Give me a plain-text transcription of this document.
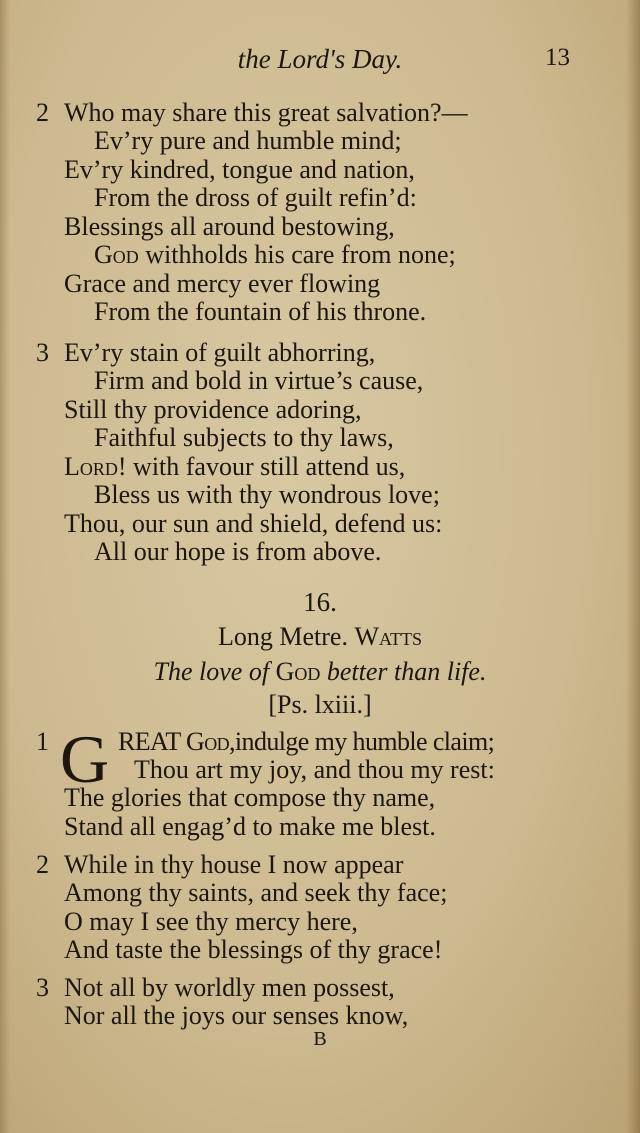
the Lord's Day.	13
2 Who may share this great salvation?—
Ev’ry pure and humble mind;
Ev’ry kindred, tongue and nation,
From the dross of guilt refin’d:
Blessings all around bestowing,
God withholds his care from none;
Grace and mercy ever flowing
From the fountain of his throne.
3 Ev’ry stain of guilt abhorring,
Firm and bold in virtue’s cause,
Still thy providence adoring,
Faithful subjects to thy laws,
Lord! with favour still attend us,
Bless us with thy wondrous love;
Thou, our sun and shield, defend us:
All our hope is from above.
16.
Long Metre. Watts
The love of God better than life.
[Ps. lxiii.]
1 G REAT God,indulge my humble claim;
Thou art my joy, and thou my rest:
The glories that compose thy name,
Stand all engag’d to make me blest.
2 While in thy house I now appear
Among thy saints, and seek thy face;
O may I see thy mercy here,
And taste the blessings of thy grace!
3 Not all by worldly men possest,
Nor all the joys our senses know,
B
